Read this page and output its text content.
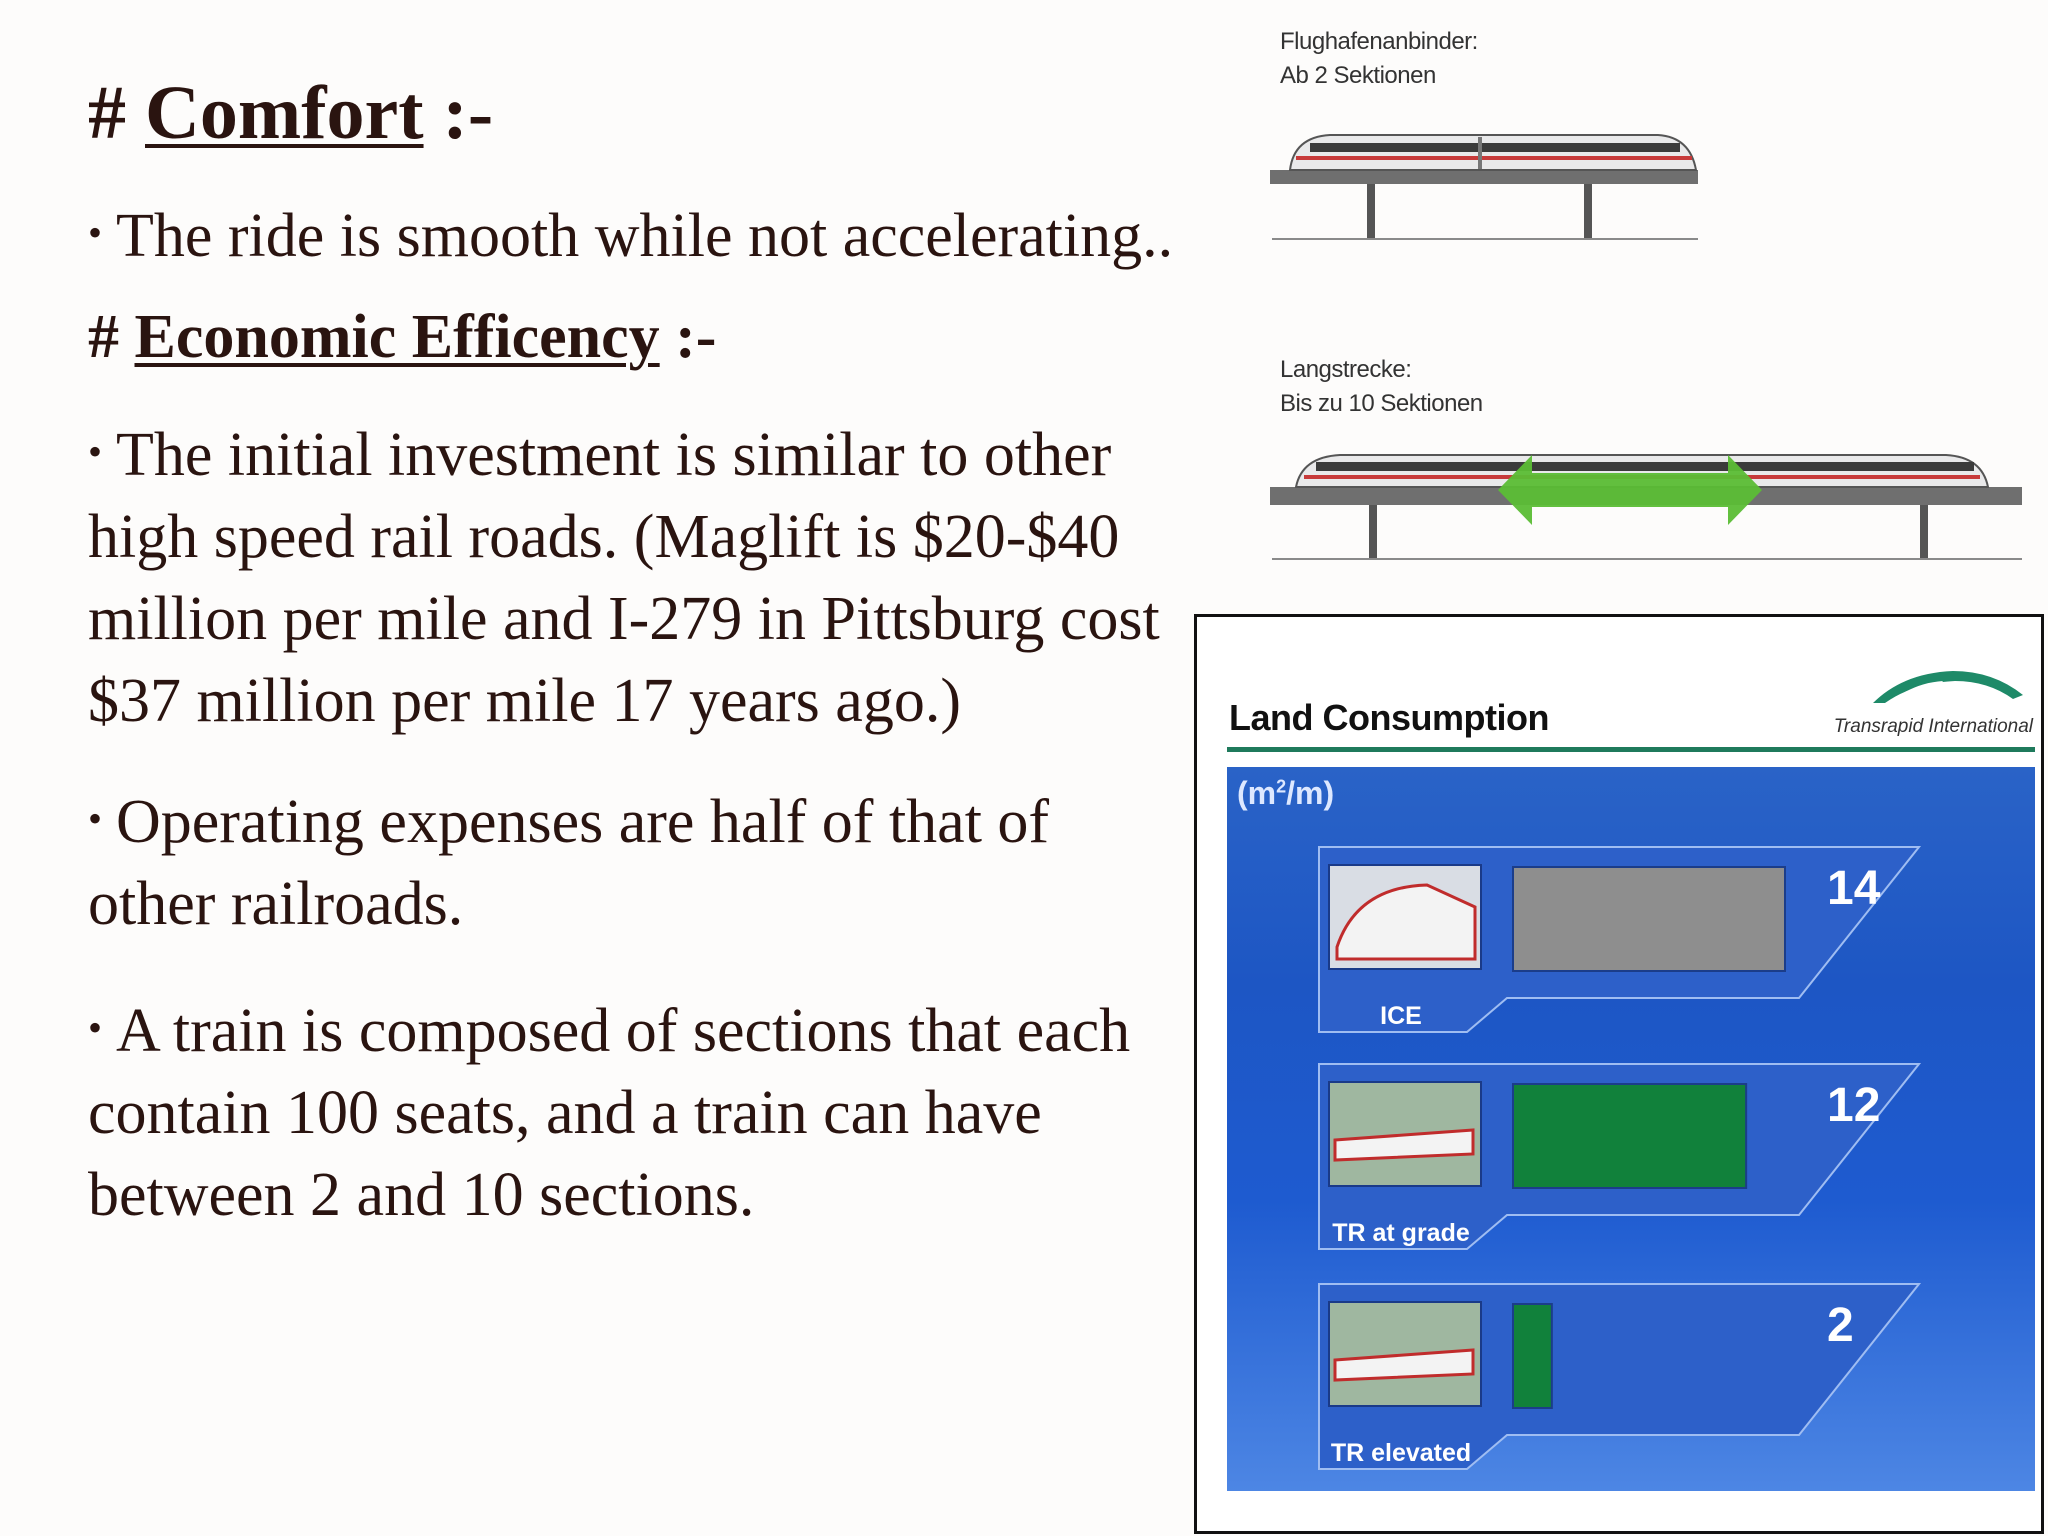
# Comfort :-

• The ride is smooth while not accelerating..

# Economic Efficency :-

• The initial investment is similar to other high speed rail roads. (Maglift is $20-$40 million per mile and I-279 in Pittsburg cost $37 million per mile 17 years ago.)

• Operating expenses are half of that of other railroads.

• A train is composed of sections that each contain 100 seats, and a train can have between 2 and 10 sections.

Flughafenanbinder:
Ab 2 Sektionen
Langstrecke:
Bis zu 10 Sektionen
Land Consumption	Transrapid International
$(m^2/m)$
ICE
14
TR at grade
12
TR elevated
2
